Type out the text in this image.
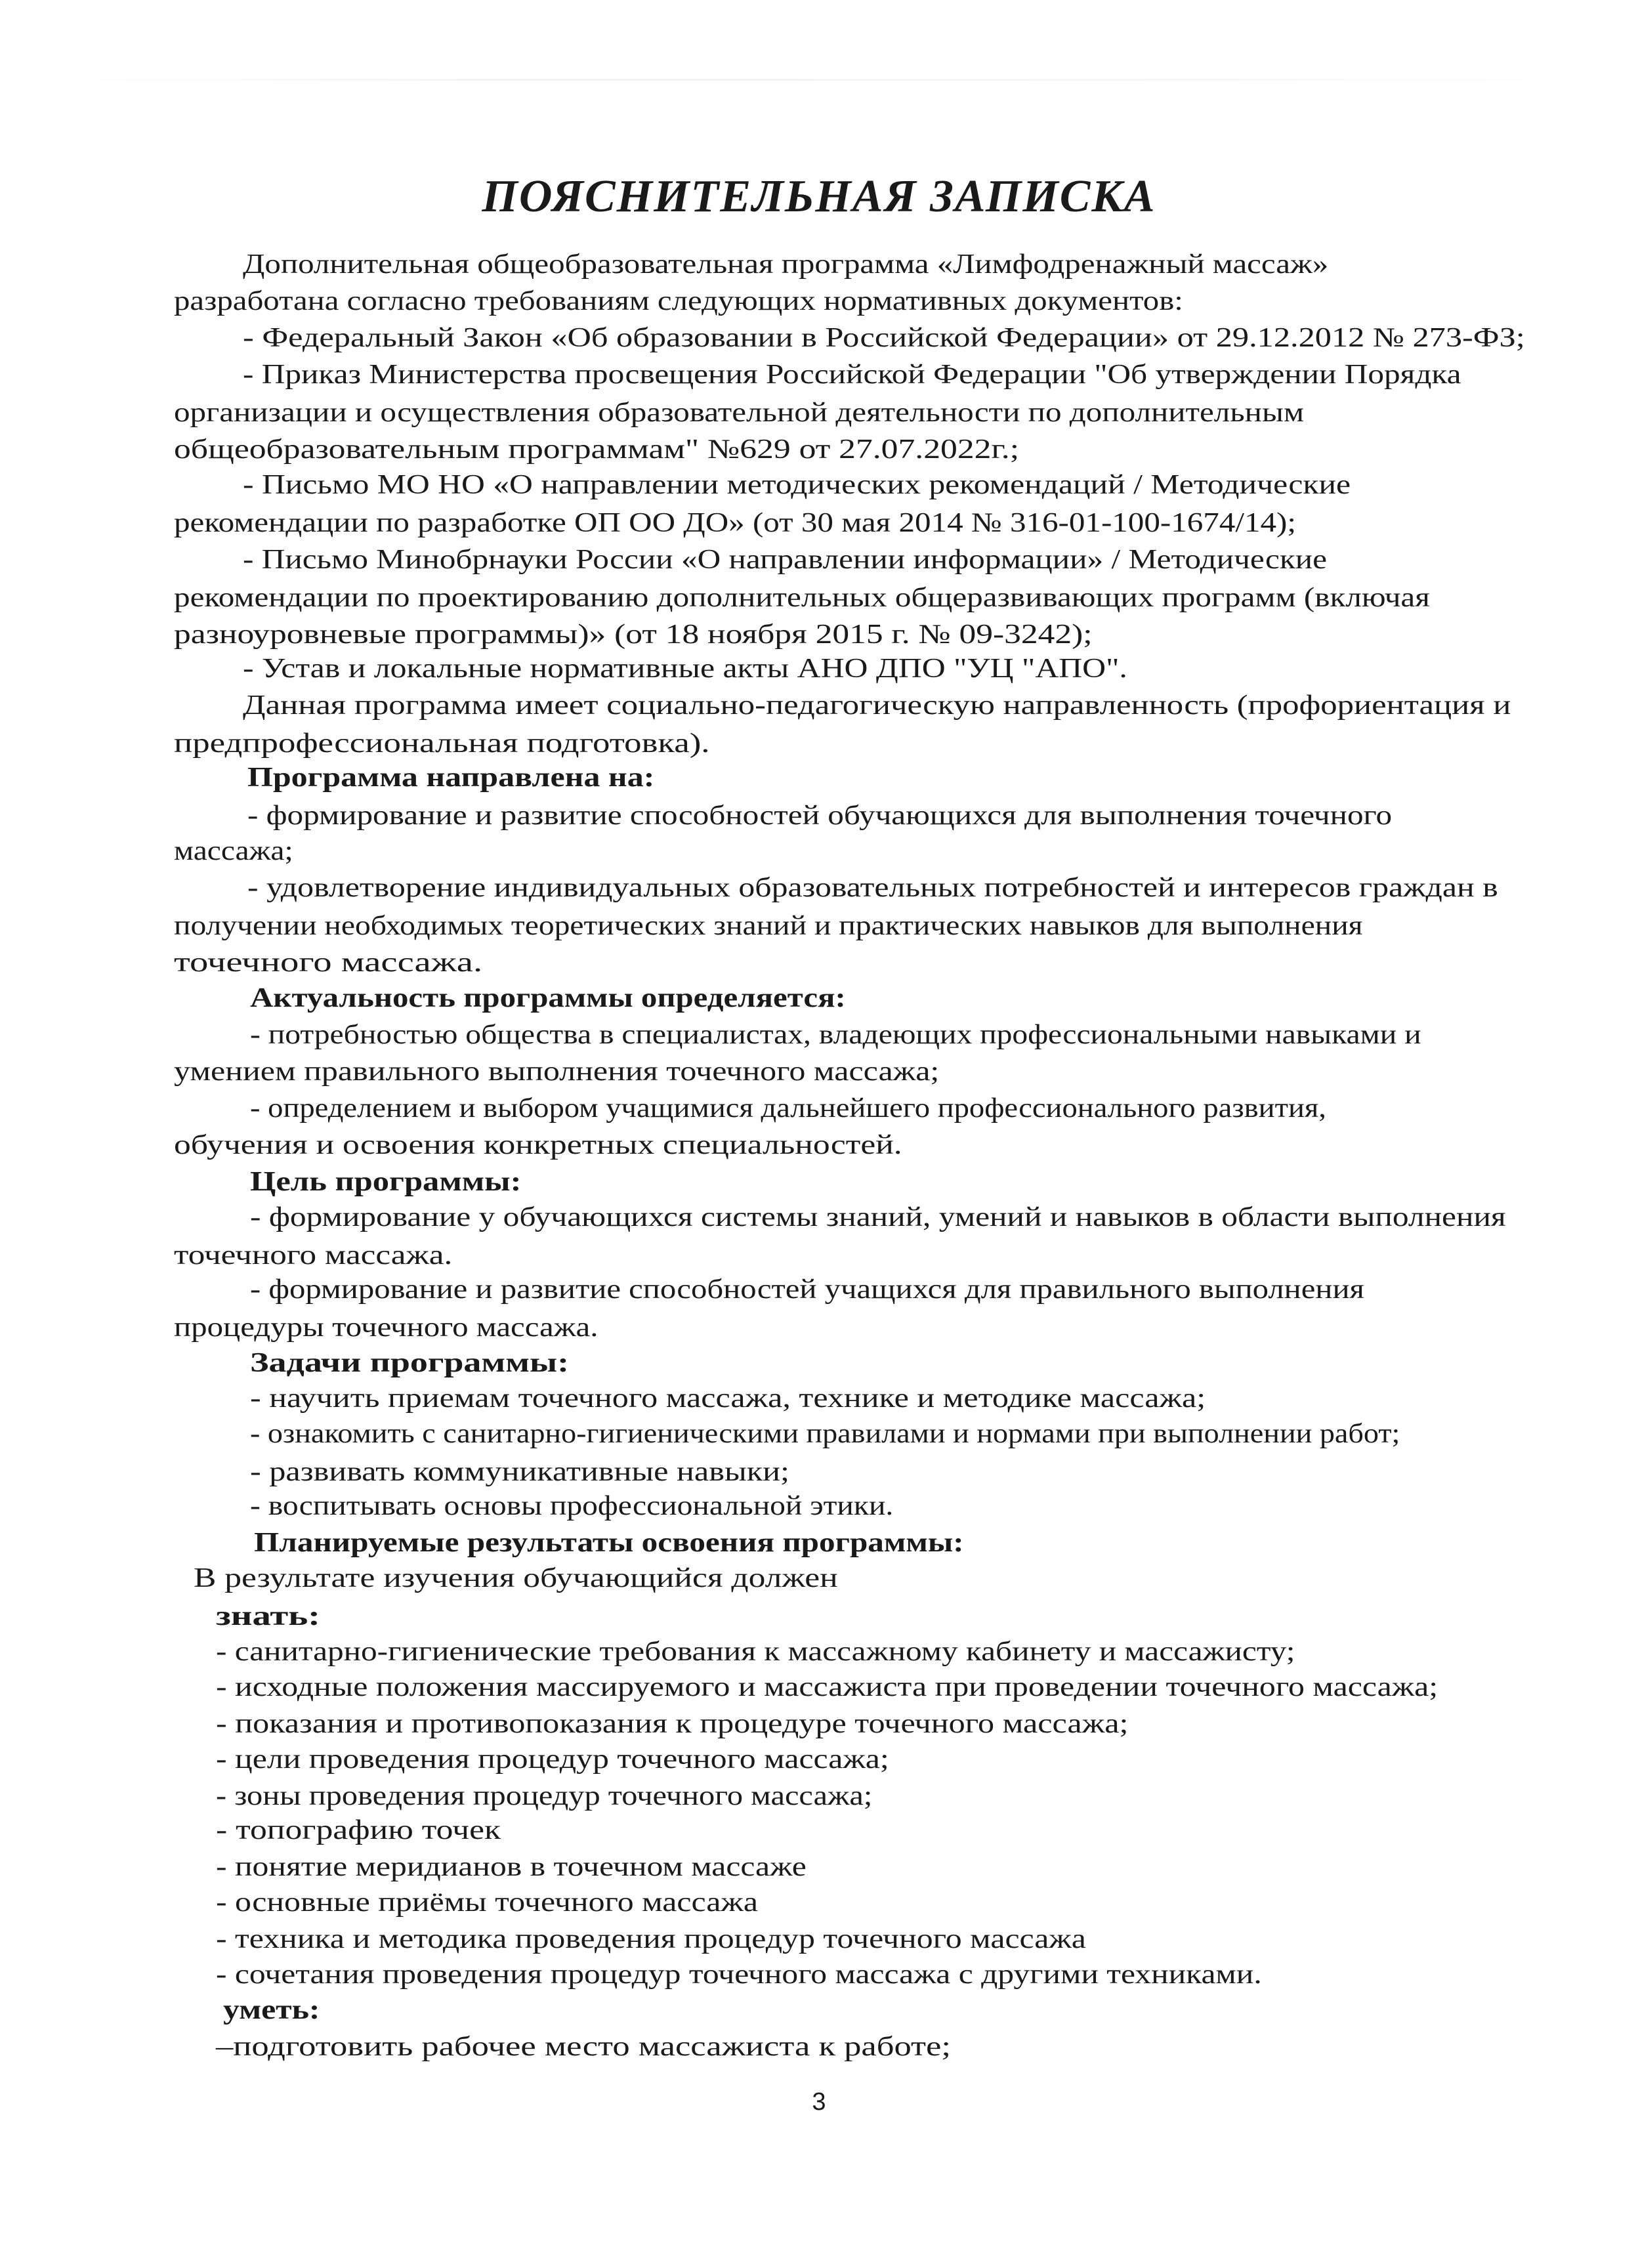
ПОЯСНИТЕЛЬНАЯ ЗАПИСКА
Дополнительная общеобразовательная программа «Лимфодренажный массаж»
разработана согласно требованиям следующих нормативных документов:
- Федеральный Закон «Об образовании в Российской Федерации» от 29.12.2012 № 273-ФЗ;
- Приказ Министерства просвещения Российской Федерации "Об утверждении Порядка
организации и осуществления образовательной деятельности по дополнительным
общеобразовательным программам" №629 от 27.07.2022г.;
- Письмо МО НО «О направлении методических рекомендаций / Методические
рекомендации по разработке ОП ОО ДО» (от 30 мая 2014 № 316-01-100-1674/14);
- Письмо Минобрнауки России «О направлении информации» / Методические
рекомендации по проектированию дополнительных общеразвивающих программ (включая
разноуровневые программы)» (от 18 ноября 2015 г. № 09-3242);
- Устав и локальные нормативные акты АНО ДПО "УЦ "АПО".
Данная программа имеет социально-педагогическую направленность (профориентация и
предпрофессиональная подготовка).
Программа направлена на:
- формирование и развитие способностей обучающихся для выполнения точечного
массажа;
- удовлетворение индивидуальных образовательных потребностей и интересов граждан в
получении необходимых теоретических знаний и практических навыков для выполнения
точечного массажа.
Актуальность программы определяется:
- потребностью общества в специалистах, владеющих профессиональными навыками и
умением правильного выполнения точечного массажа;
- определением и выбором учащимися дальнейшего профессионального развития,
обучения и освоения конкретных специальностей.
Цель программы:
- формирование у обучающихся системы знаний, умений и навыков в области выполнения
точечного массажа.
- формирование и развитие способностей учащихся для правильного выполнения
процедуры точечного массажа.
Задачи программы:
- научить приемам точечного массажа, технике и методике массажа;
- ознакомить с санитарно-гигиеническими правилами и нормами при выполнении работ;
- развивать коммуникативные навыки;
- воспитывать основы профессиональной этики.
Планируемые результаты освоения программы:
В результате изучения обучающийся должен
знать:
- санитарно-гигиенические требования к массажному кабинету и массажисту;
- исходные положения массируемого и массажиста при проведении точечного массажа;
- показания и противопоказания к процедуре точечного массажа;
- цели проведения процедур точечного массажа;
- зоны проведения процедур точечного массажа;
- топографию точек
- понятие меридианов в точечном массаже
- основные приёмы точечного массажа
- техника и методика проведения процедур точечного массажа
- сочетания проведения процедур точечного массажа с другими техниками.
уметь:
–подготовить рабочее место массажиста к работе;
3
